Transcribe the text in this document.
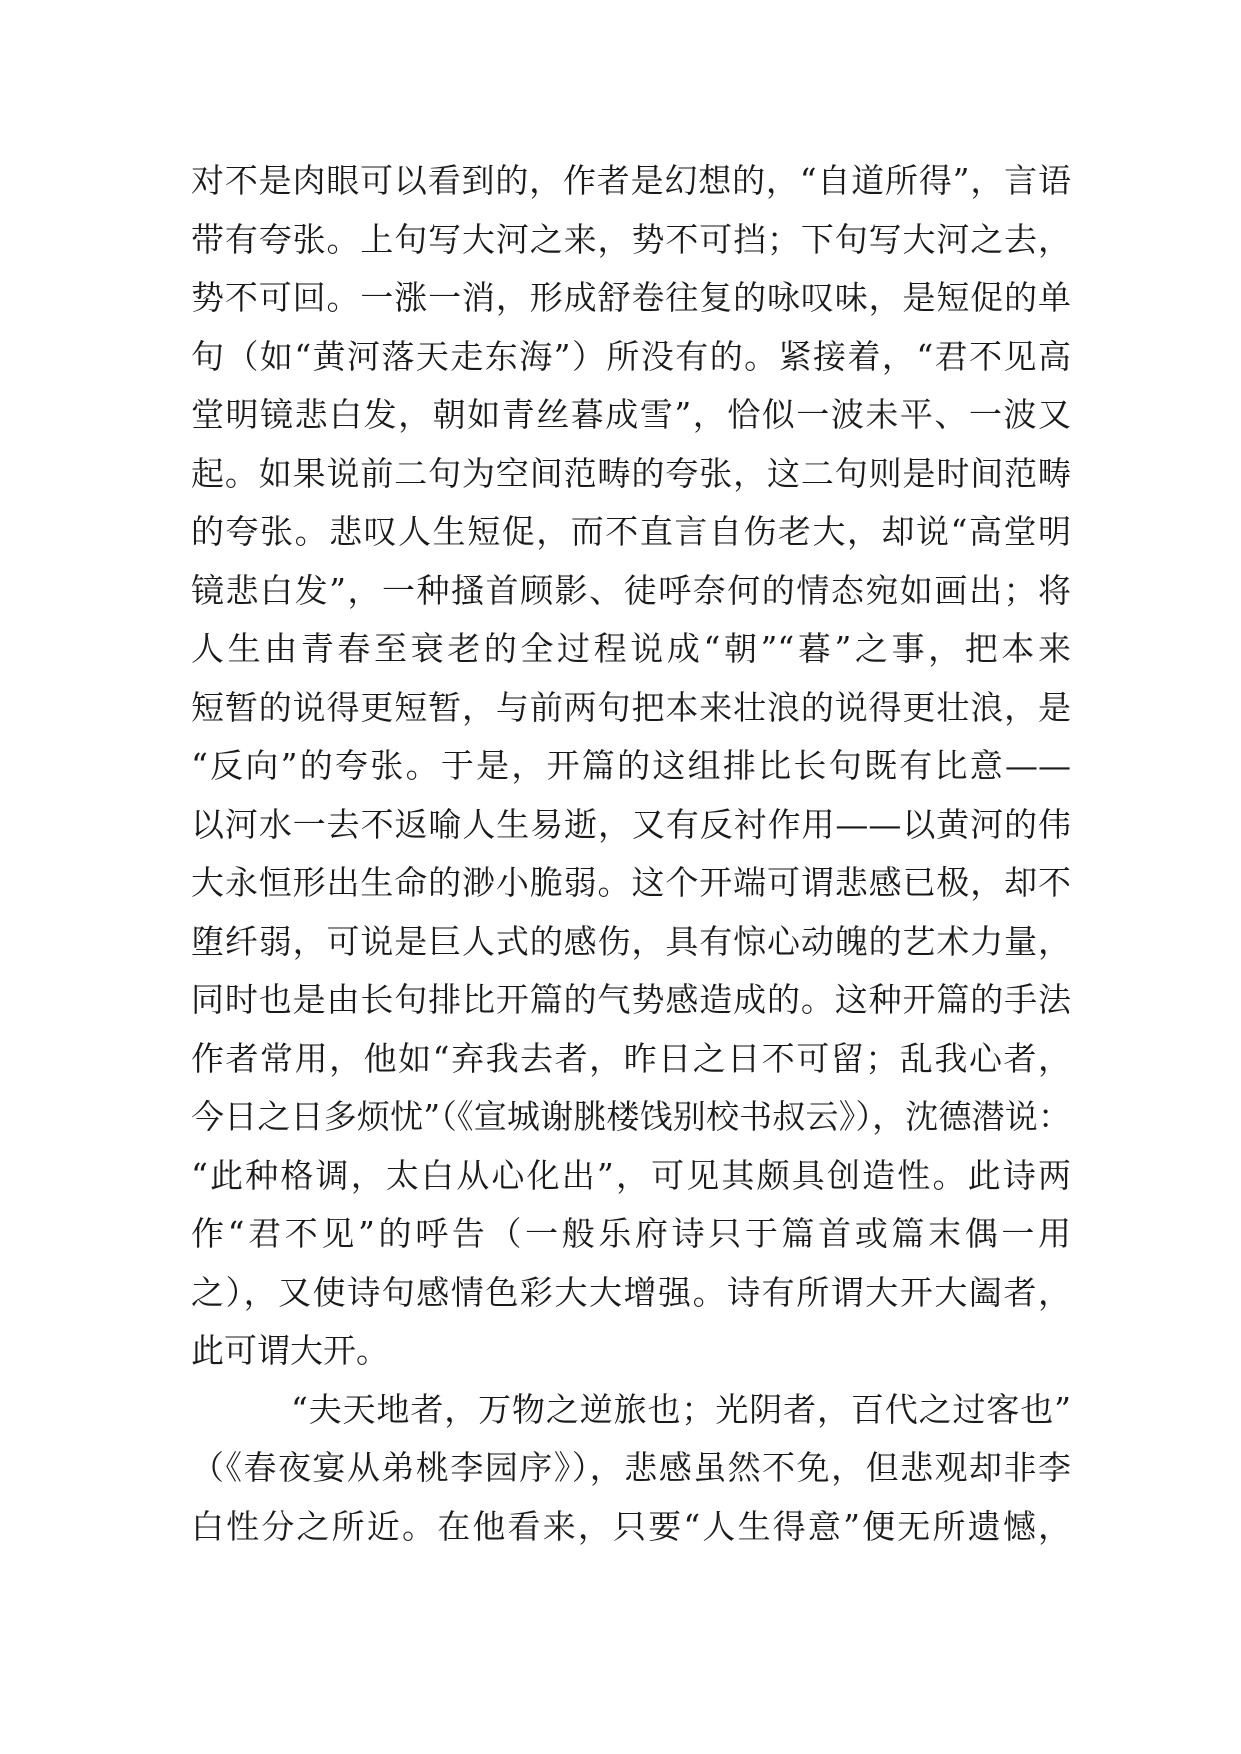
对不是肉眼可以看到的，作者是幻想的，“自道所得”，言语
带有夸张。上句写大河之来，势不可挡；下句写大河之去，
势不可回。一涨一消，形成舒卷往复的咏叹味，是短促的单
句（如“黄河落天走东海”）所没有的。紧接着，“君不见高
堂明镜悲白发，朝如青丝暮成雪”，恰似一波未平、一波又
起。如果说前二句为空间范畴的夸张，这二句则是时间范畴
的夸张。悲叹人生短促，而不直言自伤老大，却说“高堂明
镜悲白发”，一种搔首顾影、徒呼奈何的情态宛如画出；将
人生由青春至衰老的全过程说成“朝”“暮”之事，把本来
短暂的说得更短暂，与前两句把本来壮浪的说得更壮浪，是
“反向”的夸张。于是，开篇的这组排比长句既有比意——
以河水一去不返喻人生易逝，又有反衬作用——以黄河的伟
大永恒形出生命的渺小脆弱。这个开端可谓悲感已极，却不
堕纤弱，可说是巨人式的感伤，具有惊心动魄的艺术力量，
同时也是由长句排比开篇的气势感造成的。这种开篇的手法
作者常用，他如“弃我去者，昨日之日不可留；乱我心者，
今日之日多烦忧”（《宣城谢朓楼饯别校书叔云》），沈德潜说：
“此种格调，太白从心化出”，可见其颇具创造性。此诗两
作“君不见”的呼告（一般乐府诗只于篇首或篇末偶一用
之），又使诗句感情色彩大大增强。诗有所谓大开大阖者，
此可谓大开。
“夫天地者，万物之逆旅也；光阴者，百代之过客也”
（《春夜宴从弟桃李园序》），悲感虽然不免，但悲观却非李
白性分之所近。在他看来，只要“人生得意”便无所遗憾，
